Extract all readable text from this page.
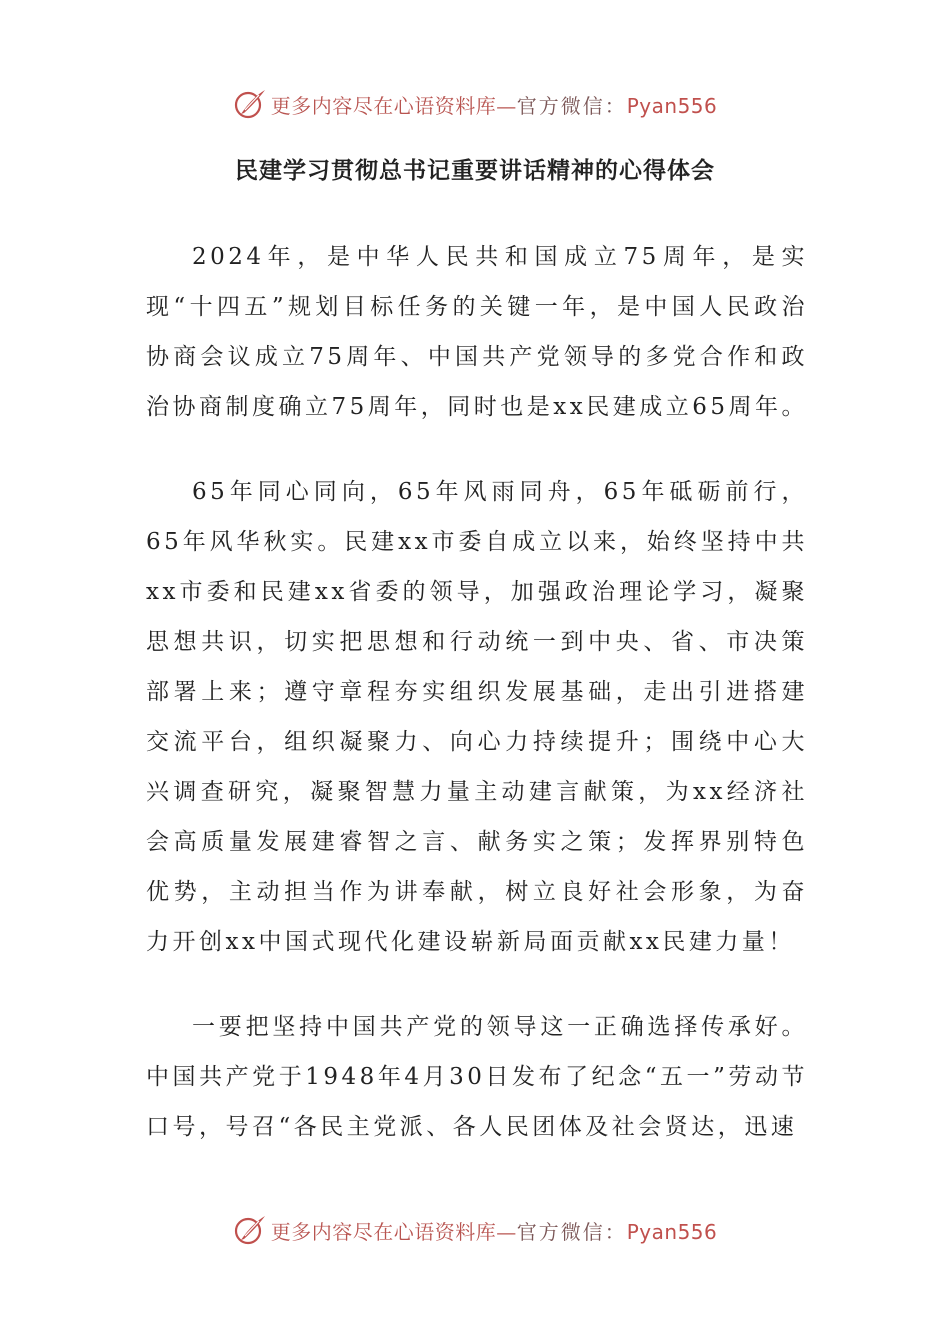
更多内容尽在心语资料库—官方微信：Pyan556
民建学习贯彻总书记重要讲话精神的心得体会

2024年，是中华人民共和国成立75周年，是实现“十四五”规划目标任务的关键一年，是中国人民政治协商会议成立75周年、中国共产党领导的多党合作和政治协商制度确立75周年，同时也是xx民建成立65周年。

65年同心同向，65年风雨同舟，65年砥砺前行，65年风华秋实。民建xx市委自成立以来，始终坚持中共xx市委和民建xx省委的领导，加强政治理论学习，凝聚思想共识，切实把思想和行动统一到中央、省、市决策部署上来；遵守章程夯实组织发展基础，走出引进搭建交流平台，组织凝聚力、向心力持续提升；围绕中心大兴调查研究，凝聚智慧力量主动建言献策，为xx经济社会高质量发展建睿智之言、献务实之策；发挥界别特色优势，主动担当作为讲奉献，树立良好社会形象，为奋力开创xx中国式现代化建设崭新局面贡献xx民建力量！

一要把坚持中国共产党的领导这一正确选择传承好。中国共产党于1948年4月30日发布了纪念“五一”劳动节口号，号召“各民主党派、各人民团体及社会贤达，迅速

更多内容尽在心语资料库—官方微信：Pyan556
